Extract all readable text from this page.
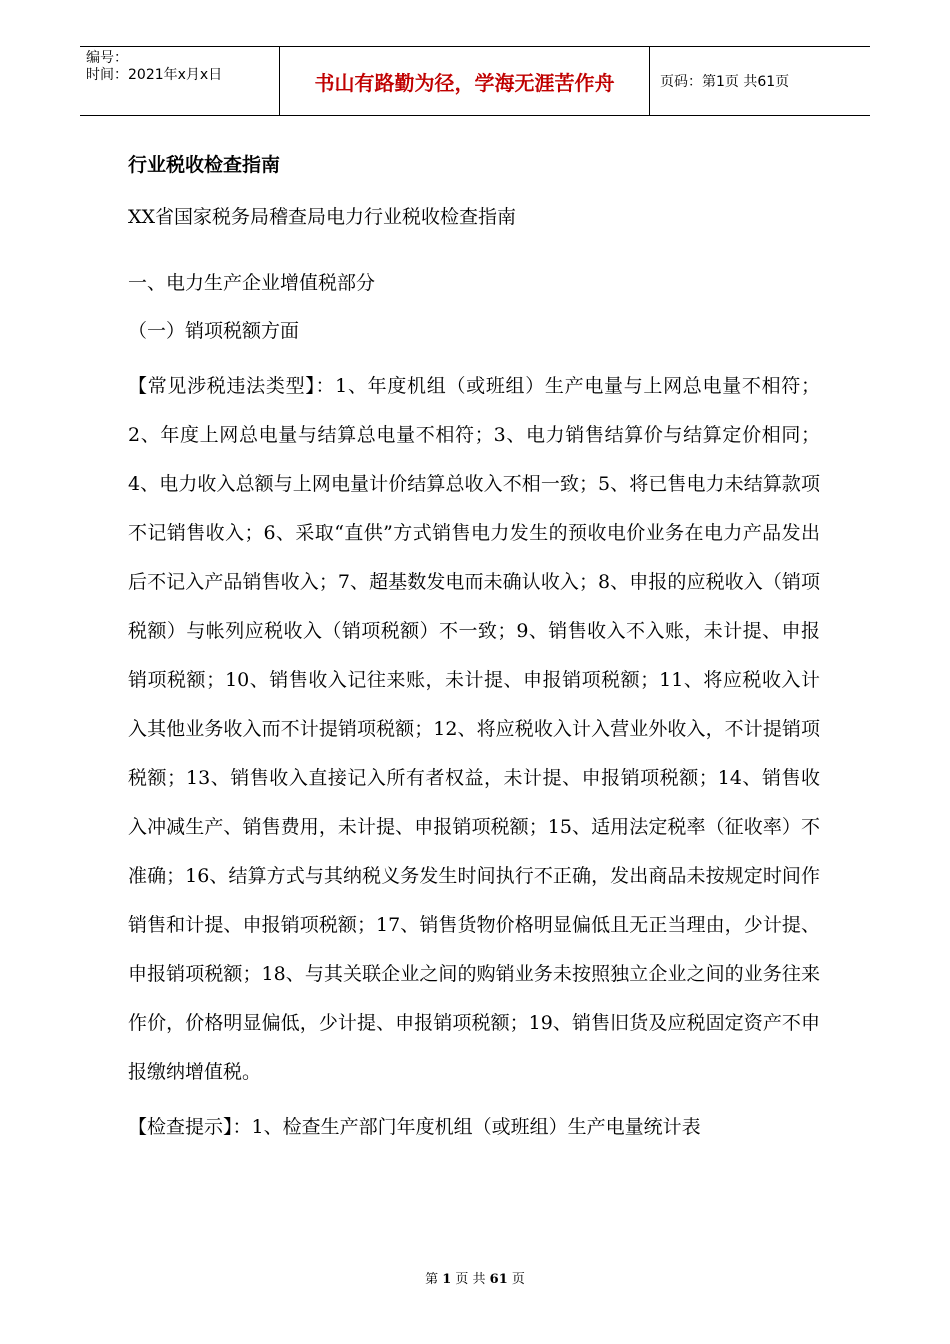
编号：
时间：2021年x月x日	书山有路勤为径，学海无涯苦作舟	页码：第1页 共61页

行业税收检查指南

XX省国家税务局稽查局电力行业税收检查指南

一、电力生产企业增值税部分

（一）销项税额方面

【常见涉税违法类型】：1、年度机组（或班组）生产电量与上网总电量不相符；2、年度上网总电量与结算总电量不相符；3、电力销售结算价与结算定价相同；4、电力收入总额与上网电量计价结算总收入不相一致；5、将已售电力未结算款项不记销售收入；6、采取“直供”方式销售电力发生的预收电价业务在电力产品发出后不记入产品销售收入；7、超基数发电而未确认收入；8、申报的应税收入（销项税额）与帐列应税收入（销项税额）不一致；9、销售收入不入账，未计提、申报销项税额；10、销售收入记往来账，未计提、申报销项税额；11、将应税收入计入其他业务收入而不计提销项税额；12、将应税收入计入营业外收入，不计提销项税额；13、销售收入直接记入所有者权益，未计提、申报销项税额；14、销售收入冲减生产、销售费用，未计提、申报销项税额；15、适用法定税率（征收率）不准确；16、结算方式与其纳税义务发生时间执行不正确，发出商品未按规定时间作销售和计提、申报销项税额；17、销售货物价格明显偏低且无正当理由，少计提、申报销项税额；18、与其关联企业之间的购销业务未按照独立企业之间的业务往来作价，价格明显偏低，少计提、申报销项税额；19、销售旧货及应税固定资产不申报缴纳增值税。

【检查提示】：1、检查生产部门年度机组（或班组）生产电量统计表

第 1 页 共 61 页
